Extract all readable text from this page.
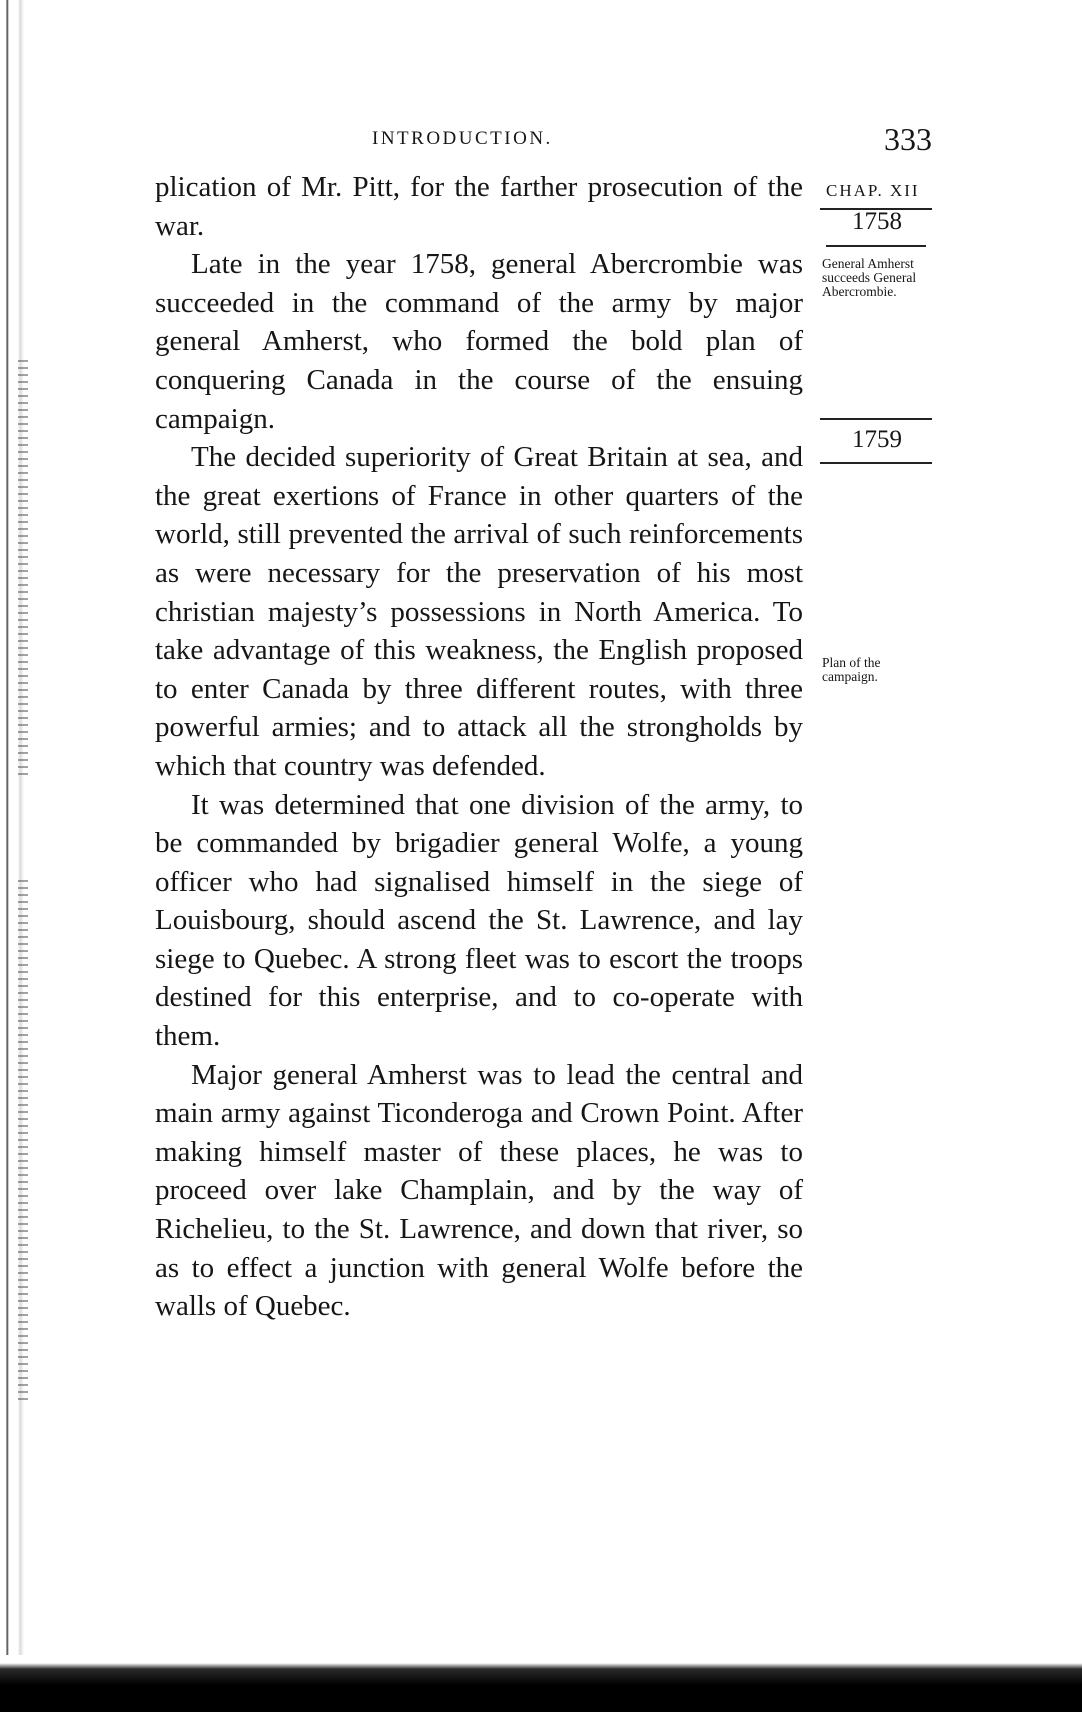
INTRODUCTION.	333
CHAP. XII
1758
General Amherst succeeds General Abercrombie.
1759
Plan of the campaign.

plication of Mr. Pitt, for the farther prosecution of the war.

Late in the year 1758, general Abercrombie was succeeded in the command of the army by major general Amherst, who formed the bold plan of conquering Canada in the course of the ensuing campaign.

The decided superiority of Great Britain at sea, and the great exertions of France in other quarters of the world, still prevented the arrival of such reinforcements as were necessary for the preservation of his most christian majesty’s possessions in North America. To take advantage of this weakness, the English proposed to enter Canada by three different routes, with three powerful armies; and to attack all the strongholds by which that country was defended.

It was determined that one division of the army, to be commanded by brigadier general Wolfe, a young officer who had signalised himself in the siege of Louisbourg, should ascend the St. Lawrence, and lay siege to Quebec. A strong fleet was to escort the troops destined for this enterprise, and to co-operate with them.

Major general Amherst was to lead the central and main army against Ticonderoga and Crown Point. After making himself master of these places, he was to proceed over lake Champlain, and by the way of Richelieu, to the St. Lawrence, and down that river, so as to effect a junction with general Wolfe before the walls of Quebec.
